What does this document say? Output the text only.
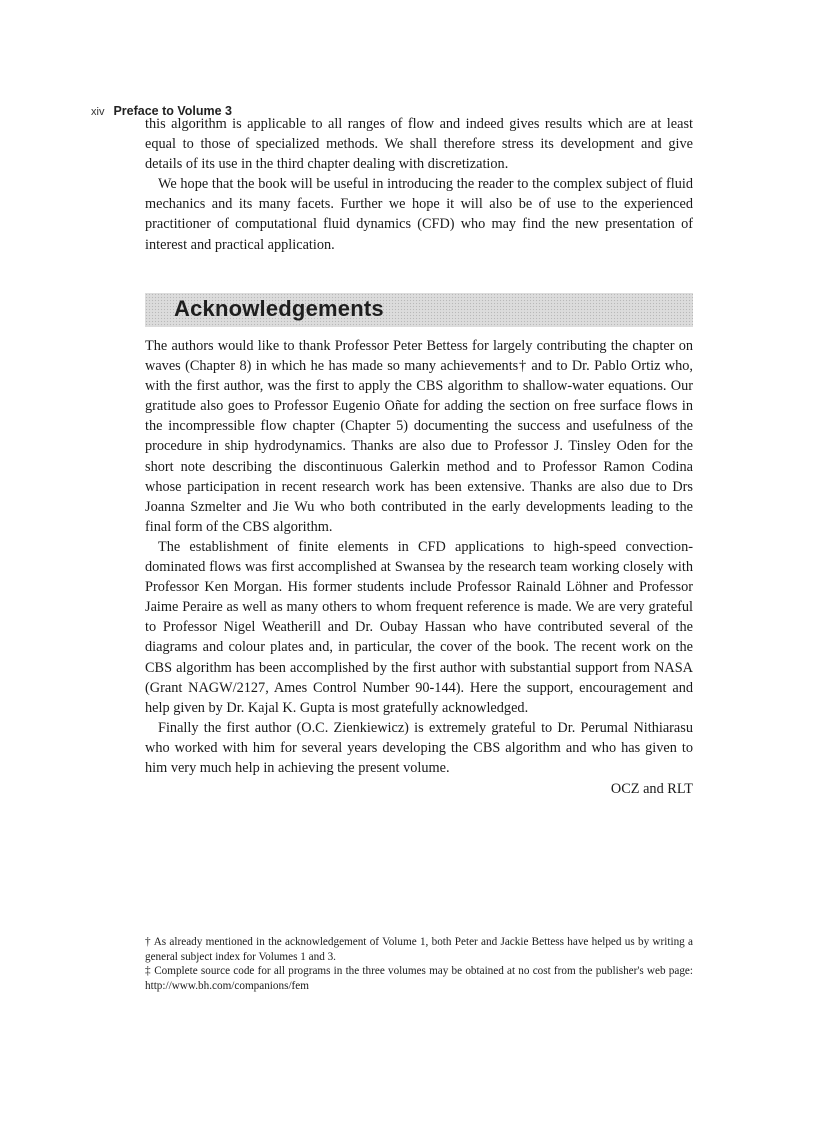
xiv Preface to Volume 3

this algorithm is applicable to all ranges of flow and indeed gives results which are at least equal to those of specialized methods. We shall therefore stress its development and give details of its use in the third chapter dealing with discretization.

We hope that the book will be useful in introducing the reader to the complex subject of fluid mechanics and its many facets. Further we hope it will also be of use to the experienced practitioner of computational fluid dynamics (CFD) who may find the new presentation of interest and practical application.

Acknowledgements

The authors would like to thank Professor Peter Bettess for largely contributing the chapter on waves (Chapter 8) in which he has made so many achievements† and to Dr. Pablo Ortiz who, with the first author, was the first to apply the CBS algorithm to shallow-water equations. Our gratitude also goes to Professor Eugenio Oñate for adding the section on free surface flows in the incompressible flow chapter (Chapter 5) documenting the success and usefulness of the procedure in ship hydrodynamics. Thanks are also due to Professor J. Tinsley Oden for the short note describing the discontinuous Galerkin method and to Professor Ramon Codina whose participation in recent research work has been extensive. Thanks are also due to Drs Joanna Szmelter and Jie Wu who both contributed in the early developments leading to the final form of the CBS algorithm.

The establishment of finite elements in CFD applications to high-speed convection-dominated flows was first accomplished at Swansea by the research team working closely with Professor Ken Morgan. His former students include Professor Rainald Löhner and Professor Jaime Peraire as well as many others to whom frequent reference is made. We are very grateful to Professor Nigel Weatherill and Dr. Oubay Hassan who have contributed several of the diagrams and colour plates and, in particular, the cover of the book. The recent work on the CBS algorithm has been accomplished by the first author with substantial support from NASA (Grant NAGW/2127, Ames Control Number 90-144). Here the support, encouragement and help given by Dr. Kajal K. Gupta is most gratefully acknowledged.

Finally the first author (O.C. Zienkiewicz) is extremely grateful to Dr. Perumal Nithiarasu who worked with him for several years developing the CBS algorithm and who has given to him very much help in achieving the present volume.

OCZ and RLT

† As already mentioned in the acknowledgement of Volume 1, both Peter and Jackie Bettess have helped us by writing a general subject index for Volumes 1 and 3.

‡ Complete source code for all programs in the three volumes may be obtained at no cost from the publisher's web page: http://www.bh.com/companions/fem
